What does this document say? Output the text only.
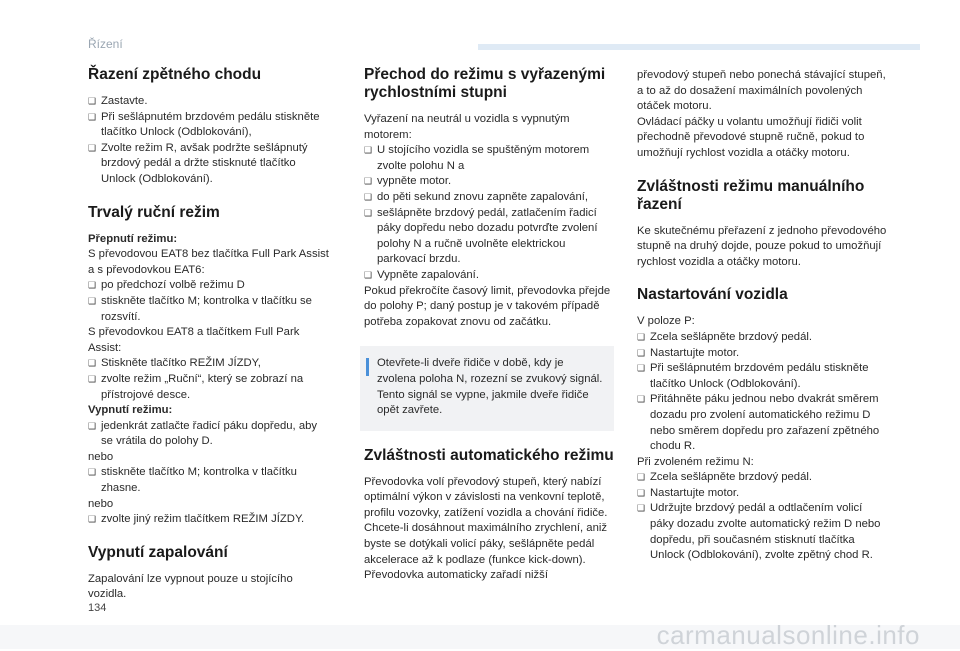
Řízení
Řazení zpětného chodu
❑ Zastavte.
❑ Při sešlápnutém brzdovém pedálu stiskněte tlačítko Unlock (Odblokování),
❑ Zvolte režim R, avšak podržte sešlápnutý brzdový pedál a držte stisknuté tlačítko Unlock (Odblokování).
Trvalý ruční režim

Přepnutí režimu:

S převodovou EAT8 bez tlačítka Full Park Assist a s převodovkou EAT6:

❑ po předchozí volbě režimu D
❑ stiskněte tlačítko M; kontrolka v tlačítku se rozsvítí.

S převodovkou EAT8 a tlačítkem Full Park Assist:

❑ Stiskněte tlačítko REŽIM JÍZDY,
❑ zvolte režim „Ruční“, který se zobrazí na přístrojové desce.

Vypnutí režimu:

❑ jedenkrát zatlačte řadicí páku dopředu, aby se vrátila do polohy D.

nebo

❑ stiskněte tlačítko M; kontrolka v tlačítku zhasne.

nebo

❑ zvolte jiný režim tlačítkem REŽIM JÍZDY.
Vypnutí zapalování

Zapalování lze vypnout pouze u stojícího vozidla.

Přechod do režimu s vyřazenými rychlostními stupni

Vyřazení na neutrál u vozidla s vypnutým motorem:

❑ U stojícího vozidla se spuštěným motorem zvolte polohu N a
❑ vypněte motor.
❑ do pěti sekund znovu zapněte zapalování,
❑ sešlápněte brzdový pedál, zatlačením řadicí páky dopředu nebo dozadu potvrďte zvolení polohy N a ručně uvolněte elektrickou parkovací brzdu.
❑ Vypněte zapalování.

Pokud překročíte časový limit, převodovka přejde do polohy P; daný postup je v takovém případě potřeba zopakovat znovu od začátku.

Otevřete-li dveře řidiče v době, kdy je zvolena poloha N, rozezní se zvukový signál. Tento signál se vypne, jakmile dveře řidiče opět zavřete.
Zvláštnosti automatického režimu

Převodovka volí převodový stupeň, který nabízí optimální výkon v závislosti na venkovní teplotě, profilu vozovky, zatížení vozidla a chování řidiče.
Chcete-li dosáhnout maximálního zrychlení, aniž byste se dotýkali volicí páky, sešlápněte pedál akcelerace až k podlaze (funkce kick-down). Převodovka automaticky zařadí nižší

převodový stupeň nebo ponechá stávající stupeň, a to až do dosažení maximálních povolených otáček motoru.
Ovládací páčky u volantu umožňují řidiči volit přechodně převodové stupně ručně, pokud to umožňují rychlost vozidla a otáčky motoru.

Zvláštnosti režimu manuálního řazení

Ke skutečnému přeřazení z jednoho převodového stupně na druhý dojde, pouze pokud to umožňují rychlost vozidla a otáčky motoru.

Nastartování vozidla

V poloze P:

❑ Zcela sešlápněte brzdový pedál.
❑ Nastartujte motor.
❑ Při sešlápnutém brzdovém pedálu stiskněte tlačítko Unlock (Odblokování).
❑ Přitáhněte páku jednou nebo dvakrát směrem dozadu pro zvolení automatického režimu D nebo směrem dopředu pro zařazení zpětného chodu R.

Při zvoleném režimu N:

❑ Zcela sešlápněte brzdový pedál.
❑ Nastartujte motor.
❑ Udržujte brzdový pedál a odtlačením volicí páky dozadu zvolte automatický režim D nebo dopředu, při současném stisknutí tlačítka Unlock (Odblokování), zvolte zpětný chod R.
134
carmanualsonline.info
